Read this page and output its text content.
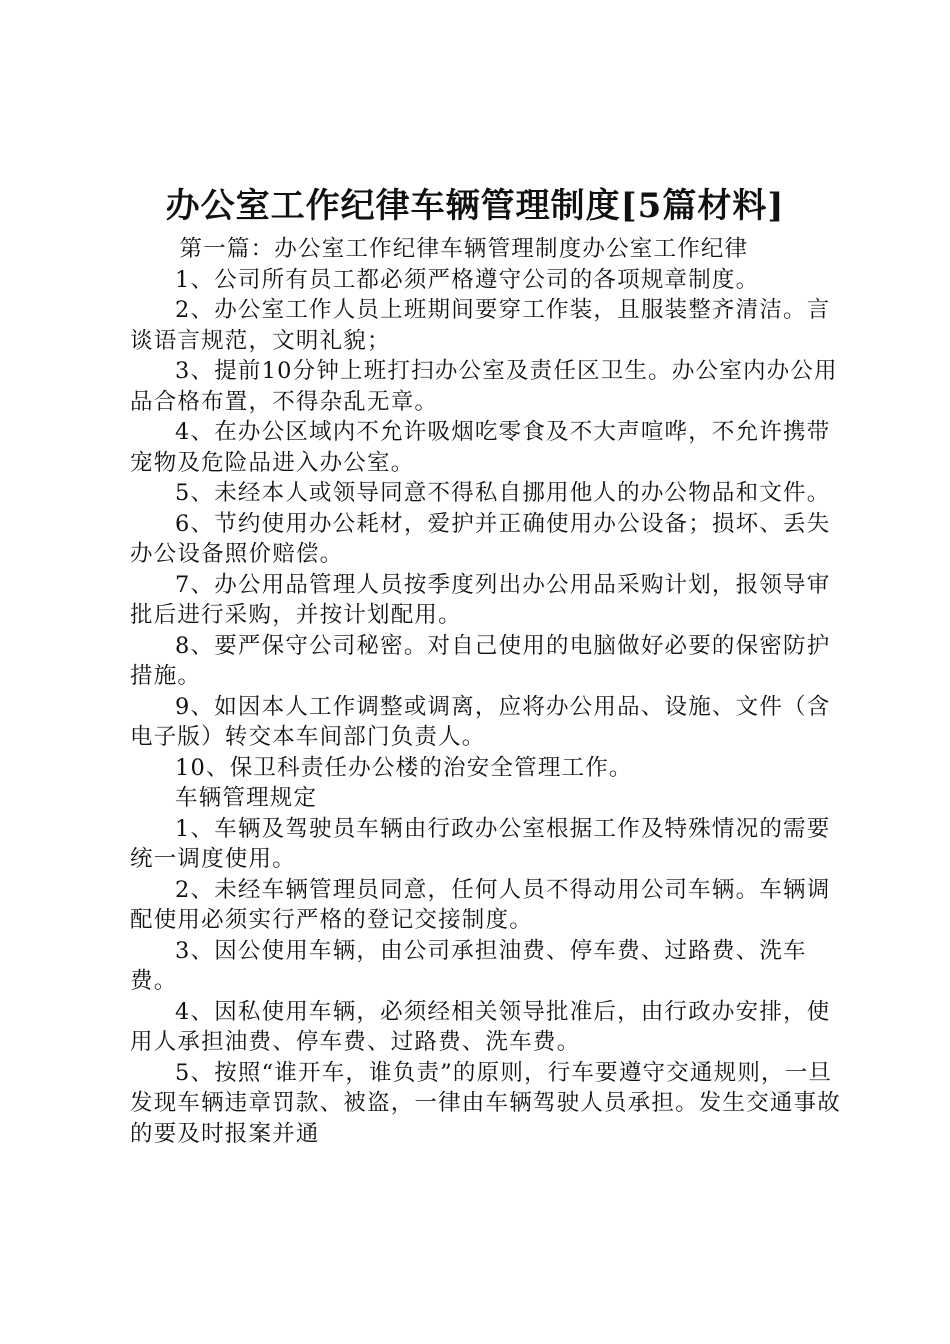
办公室工作纪律车辆管理制度[5篇材料]

第一篇：办公室工作纪律车辆管理制度办公室工作纪律

1、公司所有员工都必须严格遵守公司的各项规章制度。

2、办公室工作人员上班期间要穿工作装，且服装整齐清洁。言谈语言规范，文明礼貌；

3、提前10分钟上班打扫办公室及责任区卫生。办公室内办公用品合格布置，不得杂乱无章。

4、在办公区域内不允许吸烟吃零食及不大声喧哗，不允许携带宠物及危险品进入办公室。

5、未经本人或领导同意不得私自挪用他人的办公物品和文件。

6、节约使用办公耗材，爱护并正确使用办公设备；损坏、丢失办公设备照价赔偿。

7、办公用品管理人员按季度列出办公用品采购计划，报领导审批后进行采购，并按计划配用。

8、要严保守公司秘密。对自己使用的电脑做好必要的保密防护措施。

9、如因本人工作调整或调离，应将办公用品、设施、文件（含电子版）转交本车间部门负责人。

10、保卫科责任办公楼的治安全管理工作。

车辆管理规定

1、车辆及驾驶员车辆由行政办公室根据工作及特殊情况的需要统一调度使用。

2、未经车辆管理员同意，任何人员不得动用公司车辆。车辆调配使用必须实行严格的登记交接制度。

3、因公使用车辆，由公司承担油费、停车费、过路费、洗车费。

4、因私使用车辆，必须经相关领导批准后，由行政办安排，使用人承担油费、停车费、过路费、洗车费。

5、按照“谁开车，谁负责”的原则，行车要遵守交通规则，一旦发现车辆违章罚款、被盗，一律由车辆驾驶人员承担。发生交通事故的要及时报案并通
